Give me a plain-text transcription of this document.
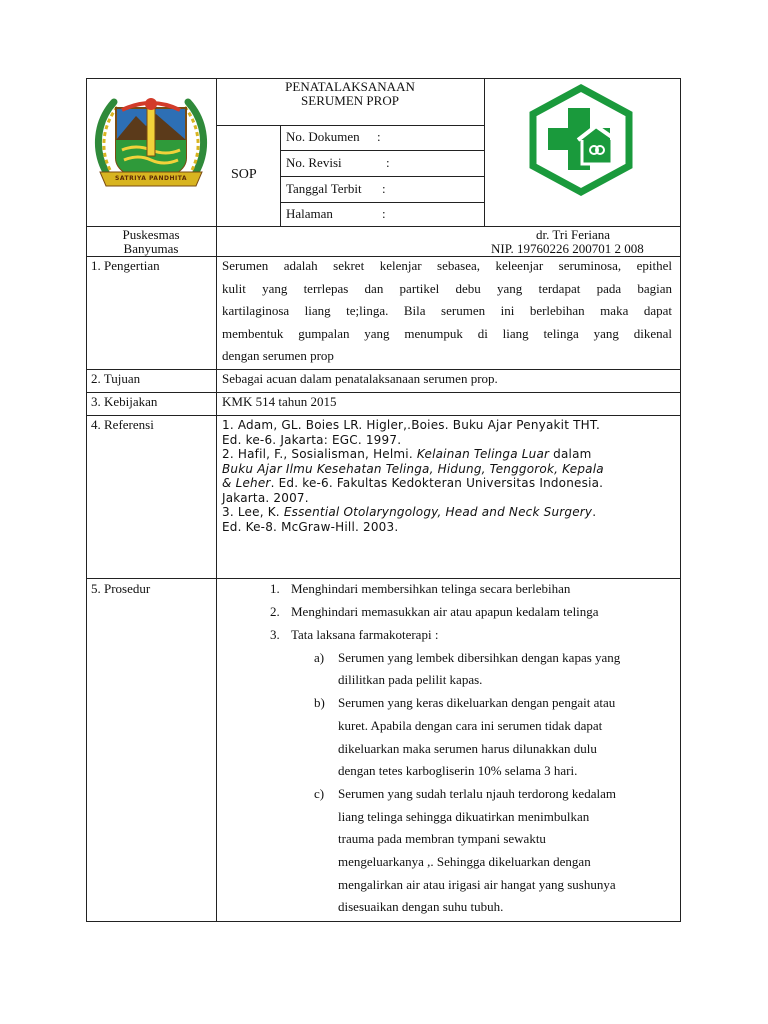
SATRIYA PANDHITA
PENATALAKSANAAN
SERUMEN PROP
SOP
No. Dokumen :
No. Revisi	:
Tanggal Terbit :
Halaman	:
Puskesmas
Banyumas
dr. Tri Feriana
NIP. 19760226 200701 2 008
1. Pengertian	Serumen adalah sekret kelenjar sebasea, keleenjar seruminosa, epithel
kulit yang terrlepas dan partikel debu yang terdapat pada bagian
kartilaginosa liang te;linga. Bila serumen ini berlebihan maka dapat
membentuk gumpalan yang menumpuk di liang telinga yang dikenal
dengan serumen prop
2. Tujuan	Sebagai acuan dalam penatalaksanaan serumen prop.
3. Kebijakan	KMK 514 tahun 2015
4. Referensi	1. Adam, GL. Boies LR. Higler,.Boies. Buku Ajar Penyakit THT.
Ed. ke-6. Jakarta: EGC. 1997.
2. Hafil, F., Sosialisman, Helmi. Kelainan Telinga Luar dalam
Buku Ajar Ilmu Kesehatan Telinga, Hidung, Tenggorok, Kepala
& Leher. Ed. ke-6. Fakultas Kedokteran Universitas Indonesia.
Jakarta. 2007.
3. Lee, K. Essential Otolaryngology, Head and Neck Surgery.
Ed. Ke-8. McGraw-Hill. 2003.
5. Prosedur	1. Menghindari membersihkan telinga secara berlebihan
2. Menghindari memasukkan air atau apapun kedalam telinga
3. Tata laksana farmakoterapi :
a) Serumen yang lembek dibersihkan dengan kapas yang
dililitkan pada pelilit kapas.
b) Serumen yang keras dikeluarkan dengan pengait atau
kuret. Apabila dengan cara ini serumen tidak dapat
dikeluarkan maka serumen harus dilunakkan dulu
dengan tetes karbogliserin 10% selama 3 hari.
c) Serumen yang sudah terlalu njauh terdorong kedalam
liang telinga sehingga dikuatirkan menimbulkan
trauma pada membran tympani sewaktu
mengeluarkanya ,. Sehingga dikeluarkan dengan
mengalirkan air atau irigasi air hangat yang sushunya
disesuaikan dengan suhu tubuh.
